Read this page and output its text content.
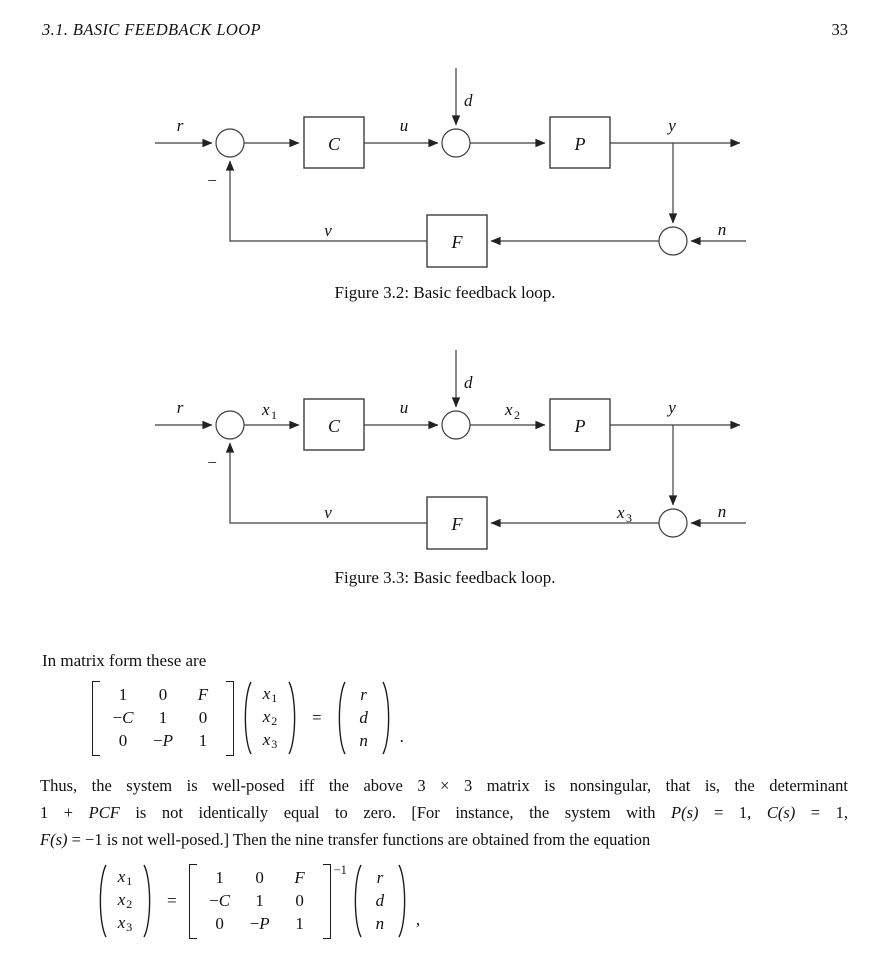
3.1. BASIC FEEDBACK LOOP	33
C	P
F
r	u
d
y
n
v
−
Figure 3.2: Basic feedback loop.
C	P
F
r	u
d
y
n
v
−
x 1	x 2
x 3
Figure 3.3: Basic feedback loop.
In matrix form these are
1 0 F
−C 1 0
0 −P 1
x1
x2
x3
=
r
d
n .
Thus, the system is well-posed iff the above 3 × 3 matrix is nonsingular, that is, the determinant
1 + PCF is not identically equal to zero. [For instance, the system with P(s) = 1, C(s) = 1,
F(s) = −1 is not well-posed.] Then the nine transfer functions are obtained from the equation
x1
x2
x3
=
1 0 F
−C 1 0
0 −P 1
−1 r
d
n ,
